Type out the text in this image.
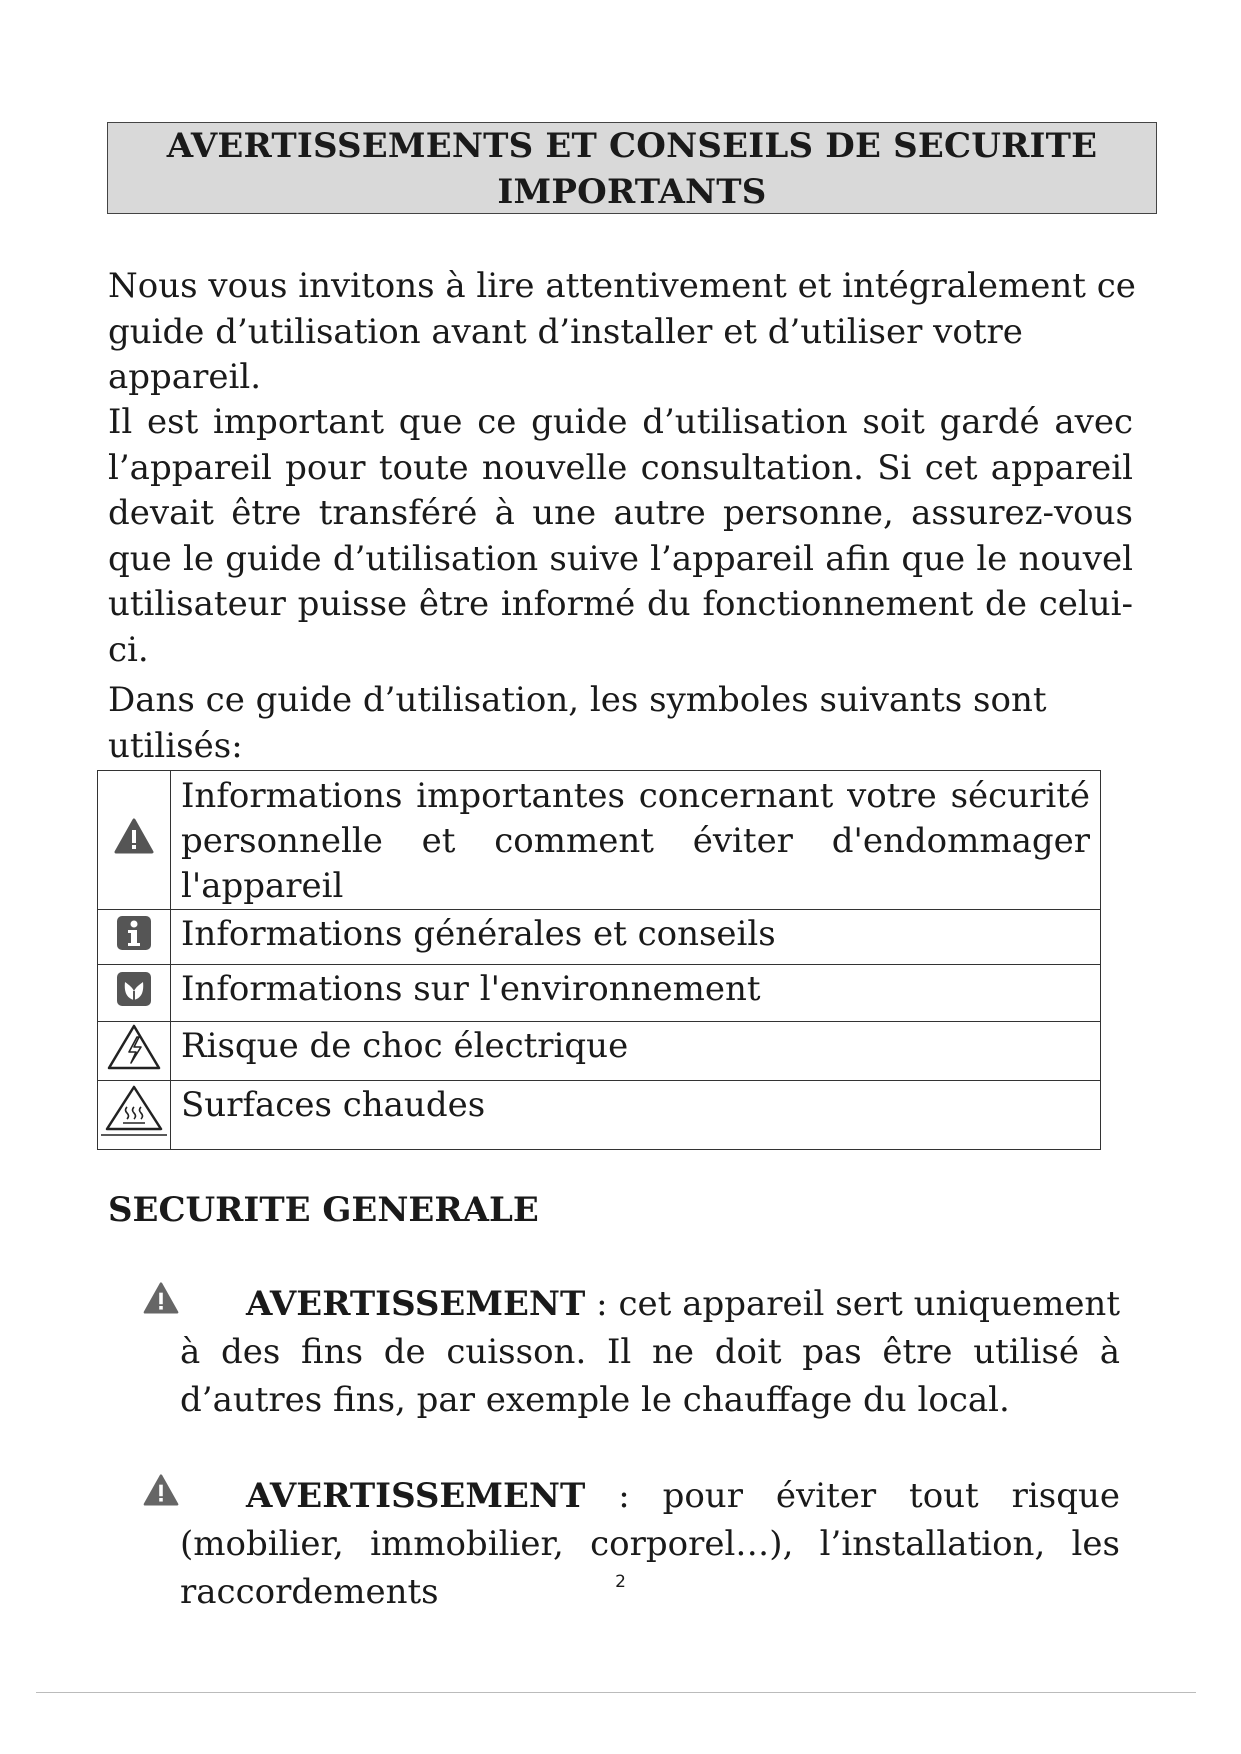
AVERTISSEMENTS ET CONSEILS DE SECURITE
IMPORTANTS

Nous vous invitons à lire attentivement et intégralement ce guide d’utilisation avant d’installer et d’utiliser votre appareil.

Il est important que ce guide d’utilisation soit gardé avec l’appareil pour toute nouvelle consultation. Si cet appareil devait être transféré à une autre personne, assurez-vous que le guide d’utilisation suive l’appareil afin que le nouvel utilisateur puisse être informé du fonctionnement de celui-ci.

Dans ce guide d’utilisation, les symboles suivants sont utilisés:

	Informations importantes concernant votre sécurité personnelle et comment éviter d'endommager l'appareil
	Informations générales et conseils
	Informations sur l'environnement
	Risque de choc électrique
	Surfaces chaudes
SECURITE GENERALE
AVERTISSEMENT : cet appareil sert uniquement à des fins de cuisson. Il ne doit pas être utilisé à d’autres fins, par exemple le chauffage du local.
AVERTISSEMENT : pour éviter tout risque (mobilier, immobilier, corporel…), l’installation, les raccordements	2
